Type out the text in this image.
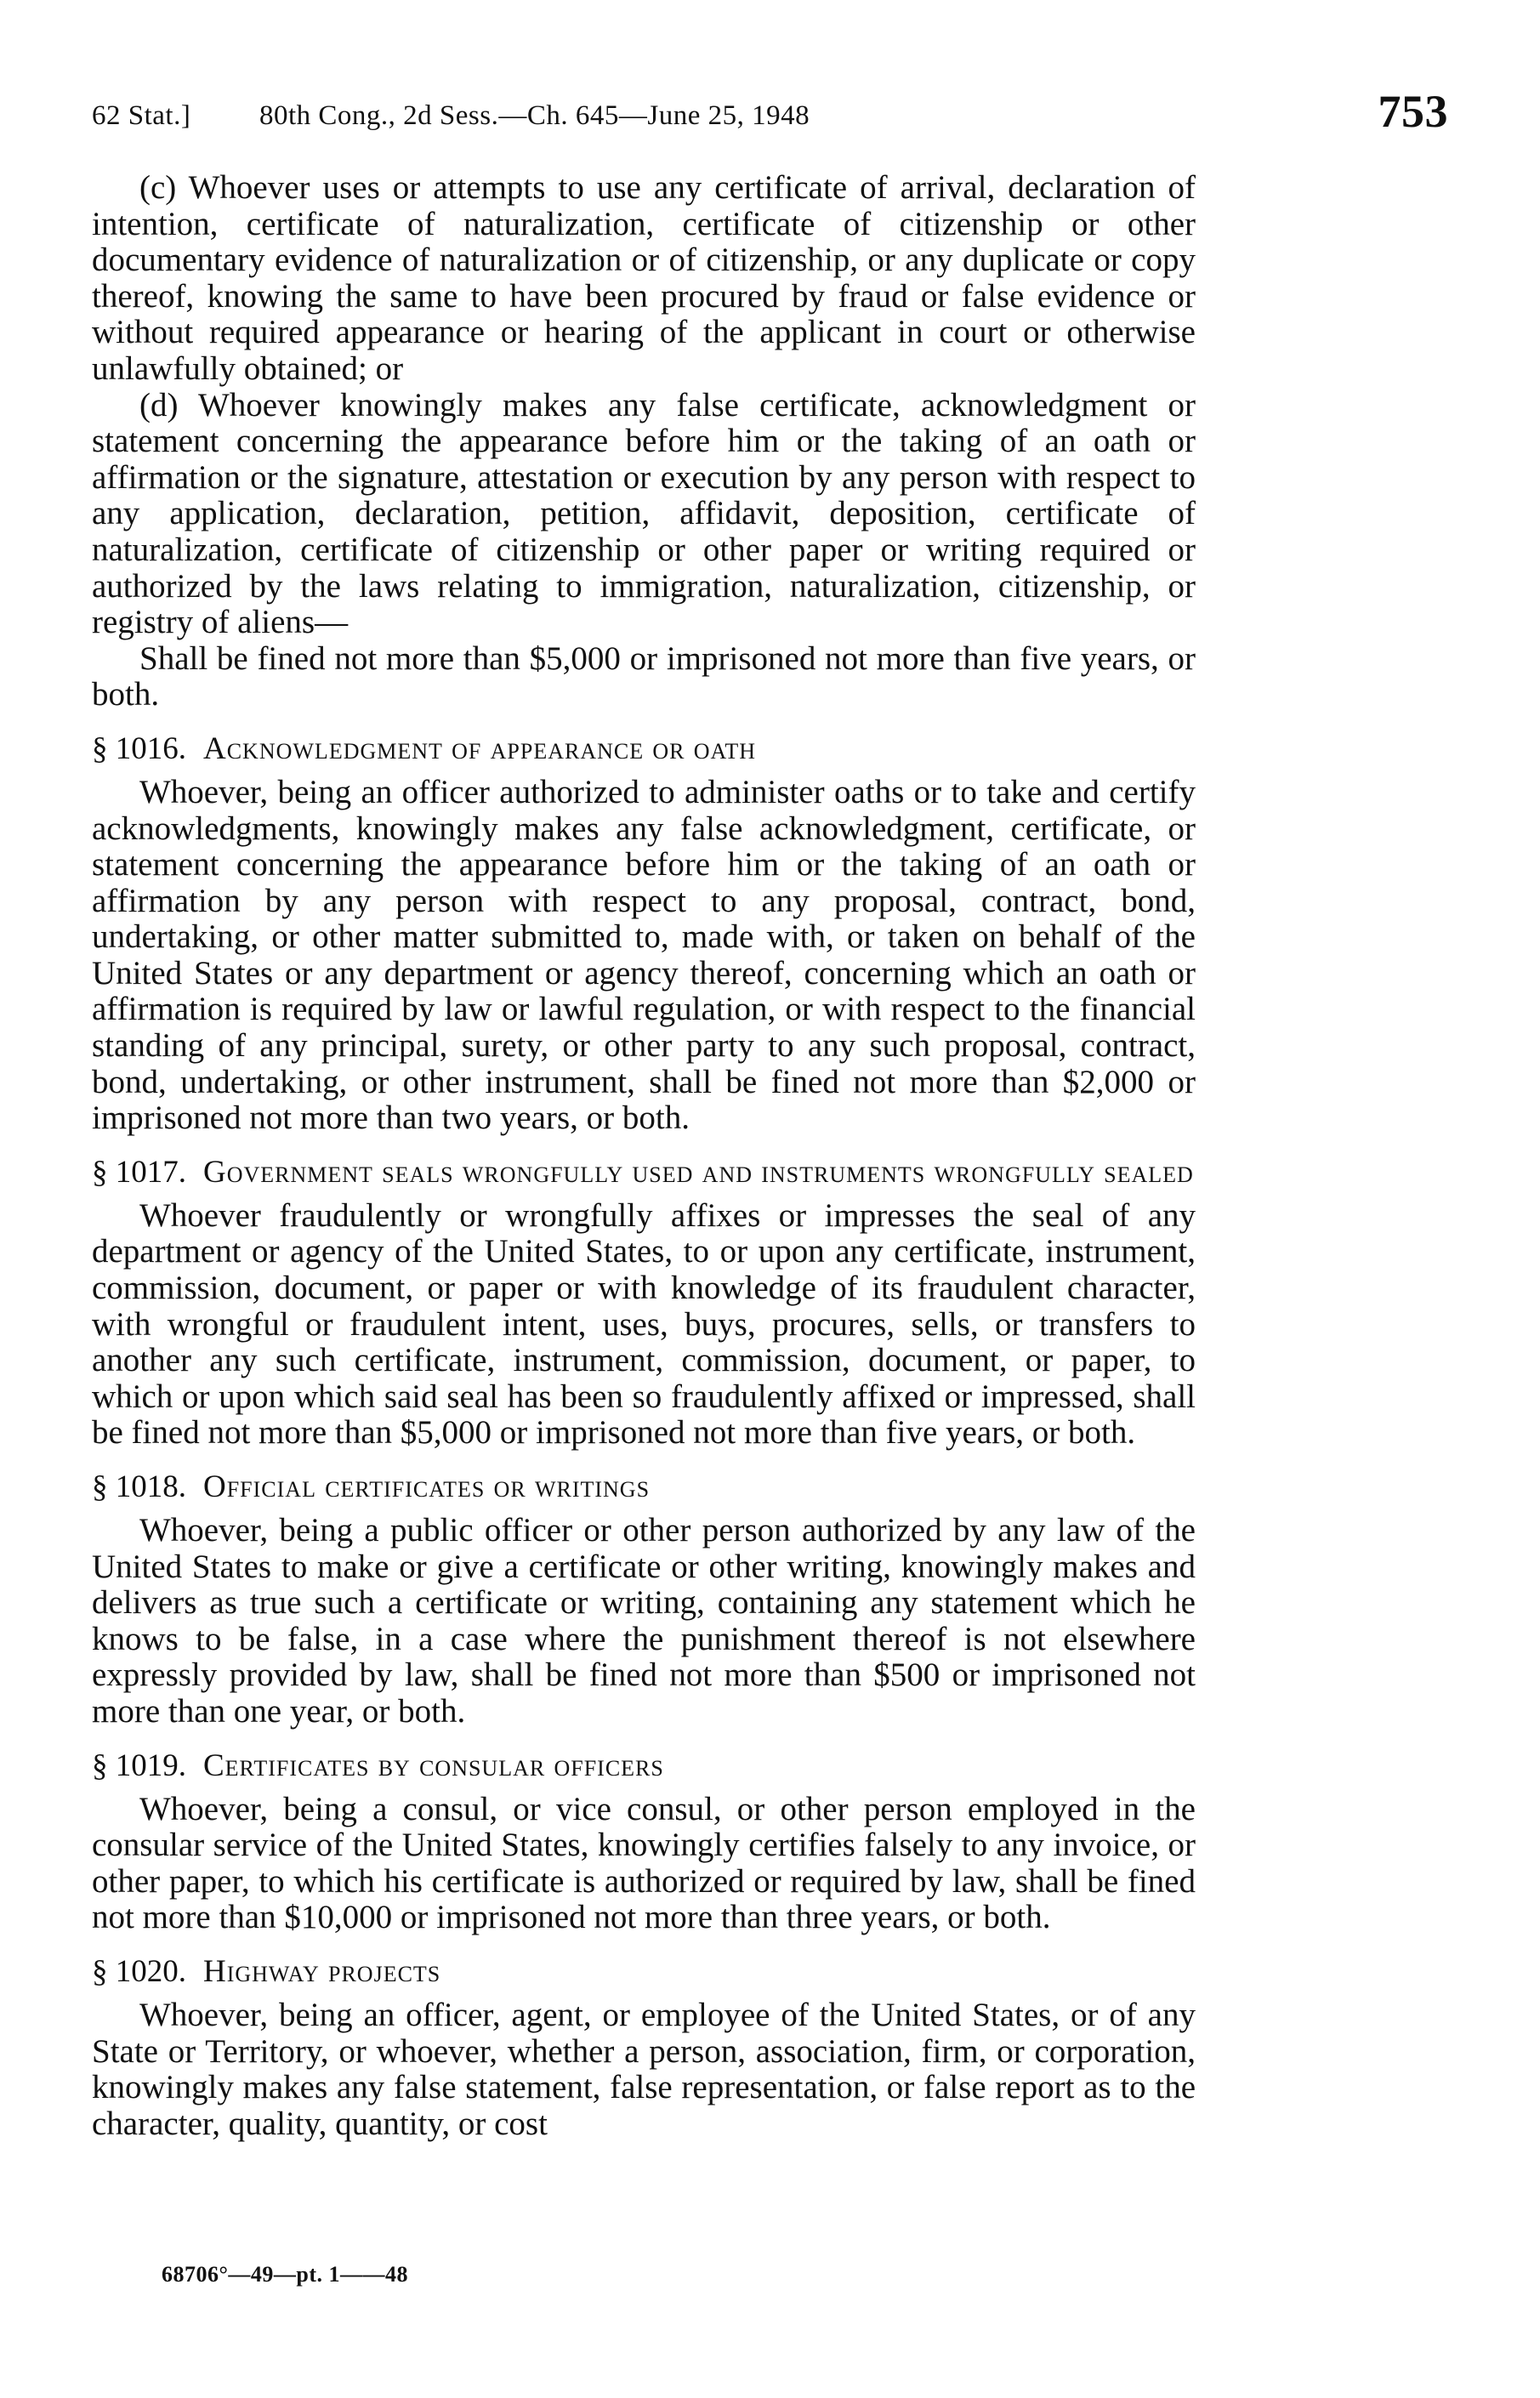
62 Stat.] 80th Cong., 2d Sess.—Ch. 645—June 25, 1948	753

(c) Whoever uses or attempts to use any certificate of arrival, declaration of intention, certificate of naturalization, certificate of citizenship or other documentary evidence of naturalization or of citizenship, or any duplicate or copy thereof, knowing the same to have been procured by fraud or false evidence or without required appearance or hearing of the applicant in court or otherwise unlawfully obtained; or

(d) Whoever knowingly makes any false certificate, acknowledgment or statement concerning the appearance before him or the taking of an oath or affirmation or the signature, attestation or execution by any person with respect to any application, declaration, petition, affidavit, deposition, certificate of naturalization, certificate of citizenship or other paper or writing required or authorized by the laws relating to immigration, naturalization, citizenship, or registry of aliens—

Shall be fined not more than $5,000 or imprisoned not more than five years, or both.

§ 1016. Acknowledgment of appearance or oath

Whoever, being an officer authorized to administer oaths or to take and certify acknowledgments, knowingly makes any false acknowledgment, certificate, or statement concerning the appearance before him or the taking of an oath or affirmation by any person with respect to any proposal, contract, bond, undertaking, or other matter submitted to, made with, or taken on behalf of the United States or any department or agency thereof, concerning which an oath or affirmation is required by law or lawful regulation, or with respect to the financial standing of any principal, surety, or other party to any such proposal, contract, bond, undertaking, or other instrument, shall be fined not more than $2,000 or imprisoned not more than two years, or both.

§ 1017. Government seals wrongfully used and instruments wrongfully sealed

Whoever fraudulently or wrongfully affixes or impresses the seal of any department or agency of the United States, to or upon any certificate, instrument, commission, document, or paper or with knowledge of its fraudulent character, with wrongful or fraudulent intent, uses, buys, procures, sells, or transfers to another any such certificate, instrument, commission, document, or paper, to which or upon which said seal has been so fraudulently affixed or impressed, shall be fined not more than $5,000 or imprisoned not more than five years, or both.

§ 1018. Official certificates or writings

Whoever, being a public officer or other person authorized by any law of the United States to make or give a certificate or other writing, knowingly makes and delivers as true such a certificate or writing, containing any statement which he knows to be false, in a case where the punishment thereof is not elsewhere expressly provided by law, shall be fined not more than $500 or imprisoned not more than one year, or both.

§ 1019. Certificates by consular officers

Whoever, being a consul, or vice consul, or other person employed in the consular service of the United States, knowingly certifies falsely to any invoice, or other paper, to which his certificate is authorized or required by law, shall be fined not more than $10,000 or imprisoned not more than three years, or both.

§ 1020. Highway projects

Whoever, being an officer, agent, or employee of the United States, or of any State or Territory, or whoever, whether a person, association, firm, or corporation, knowingly makes any false statement, false representation, or false report as to the character, quality, quantity, or cost

68706°—49—pt. 1——48
